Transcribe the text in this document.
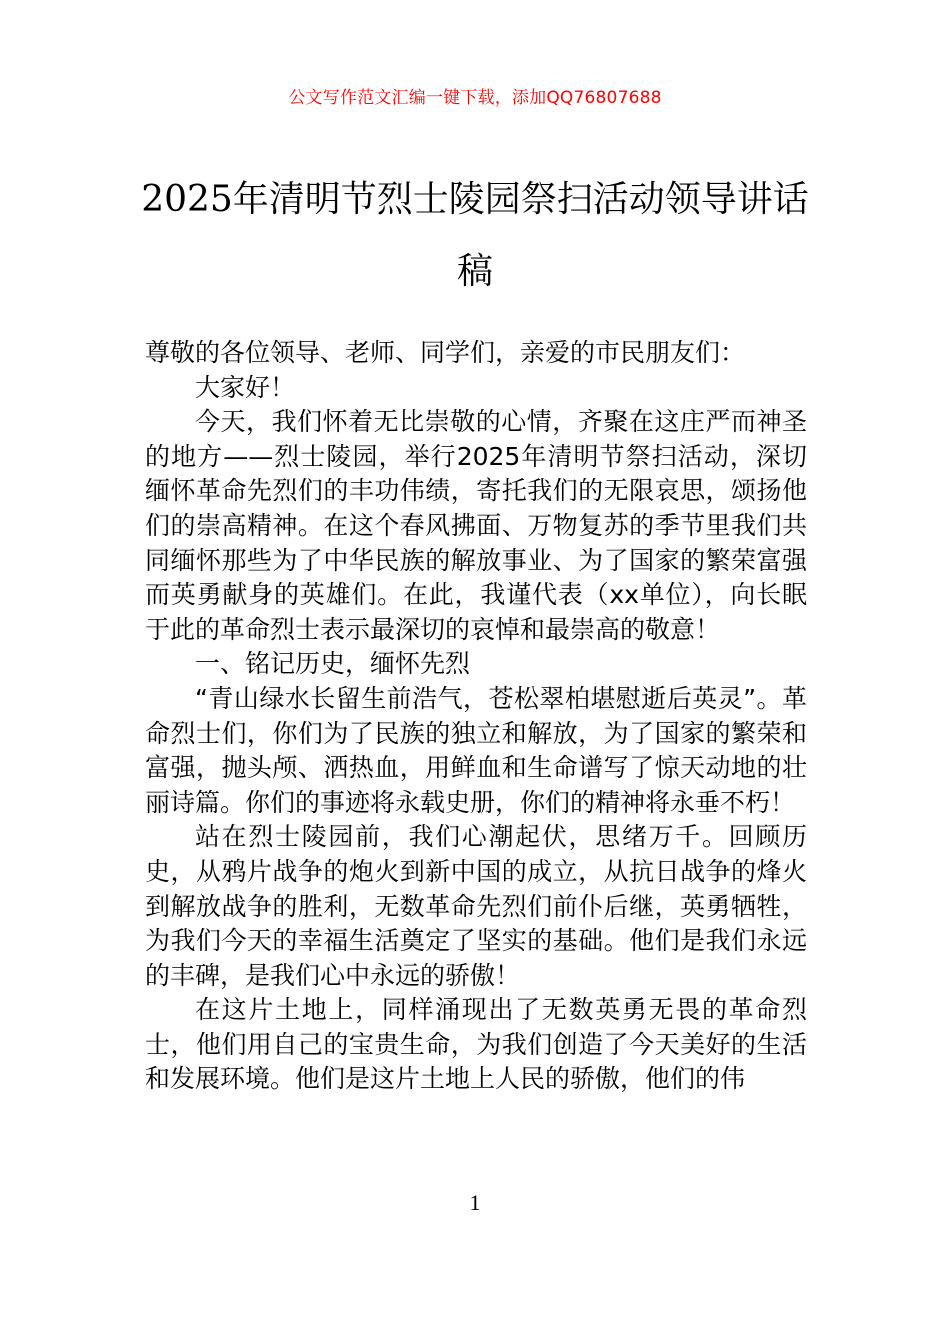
公文写作范文汇编一键下载，添加QQ76807688
2025年清明节烈士陵园祭扫活动领导讲话稿

尊敬的各位领导、老师、同学们，亲爱的市民朋友们：

大家好！

今天，我们怀着无比崇敬的心情，齐聚在这庄严而神圣的地方——烈士陵园，举行2025年清明节祭扫活动，深切缅怀革命先烈们的丰功伟绩，寄托我们的无限哀思，颂扬他们的崇高精神。在这个春风拂面、万物复苏的季节里我们共同缅怀那些为了中华民族的解放事业、为了国家的繁荣富强而英勇献身的英雄们。在此，我谨代表（xx单位），向长眠于此的革命烈士表示最深切的哀悼和最崇高的敬意！

一、铭记历史，缅怀先烈

“青山绿水长留生前浩气，苍松翠柏堪慰逝后英灵”。革命烈士们，你们为了民族的独立和解放，为了国家的繁荣和富强，抛头颅、洒热血，用鲜血和生命谱写了惊天动地的壮丽诗篇。你们的事迹将永载史册，你们的精神将永垂不朽！

站在烈士陵园前，我们心潮起伏，思绪万千。回顾历史，从鸦片战争的炮火到新中国的成立，从抗日战争的烽火到解放战争的胜利，无数革命先烈们前仆后继，英勇牺牲，为我们今天的幸福生活奠定了坚实的基础。他们是我们永远的丰碑，是我们心中永远的骄傲！

在这片土地上，同样涌现出了无数英勇无畏的革命烈士，他们用自己的宝贵生命，为我们创造了今天美好的生活和发展环境。他们是这片土地上人民的骄傲，他们的伟

1
